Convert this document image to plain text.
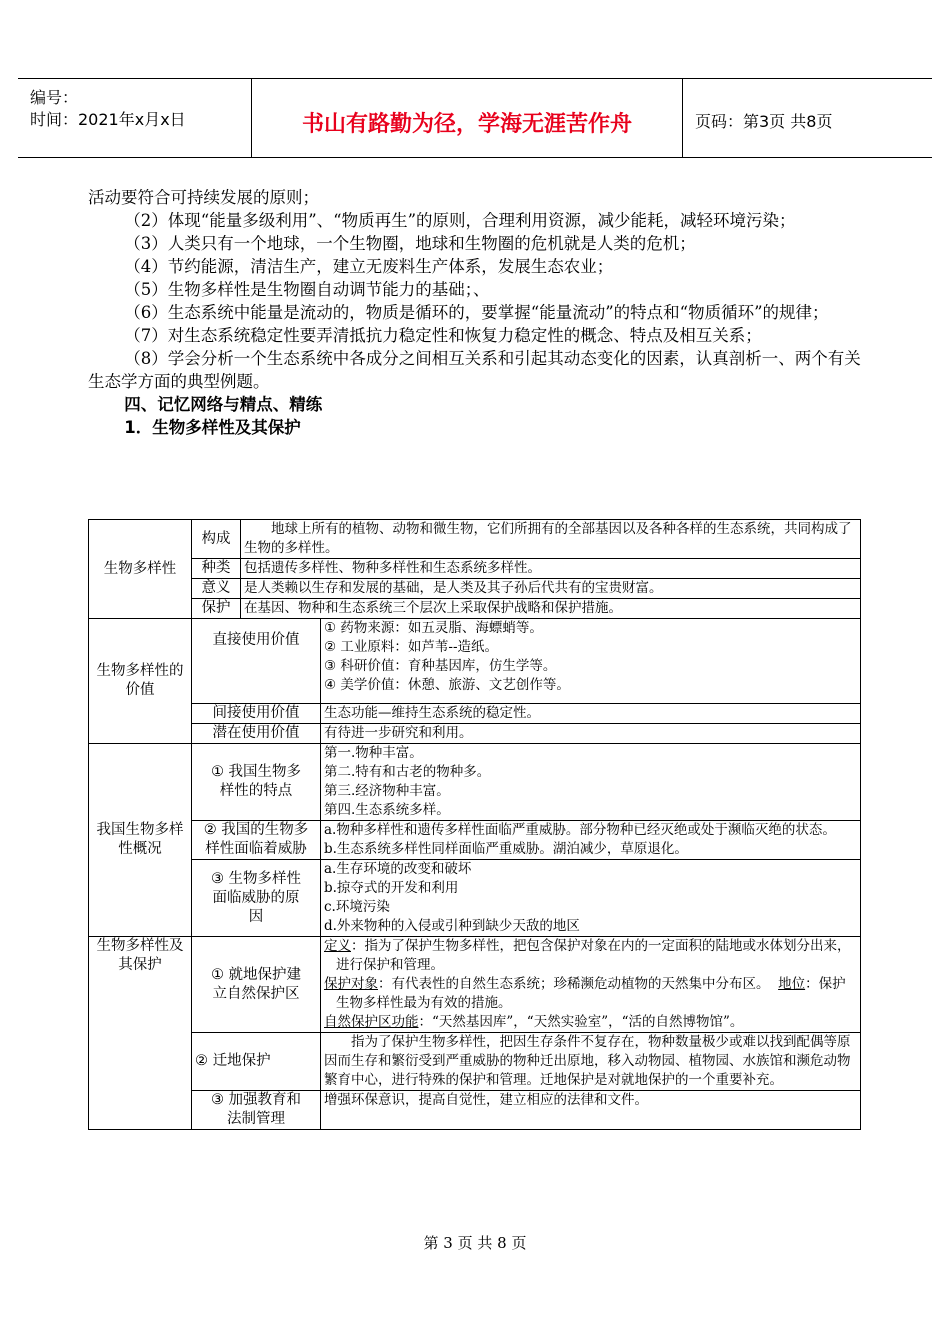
编号：
时间：2021年x月x日	书山有路勤为径，学海无涯苦作舟	页码：第3页 共8页

活动要符合可持续发展的原则；

（2）体现“能量多级利用”、“物质再生”的原则，合理利用资源，减少能耗，减轻环境污染；

（3）人类只有一个地球，一个生物圈，地球和生物圈的危机就是人类的危机；

（4）节约能源，清洁生产，建立无废料生产体系，发展生态农业；

（5）生物多样性是生物圈自动调节能力的基础；、

（6）生态系统中能量是流动的，物质是循环的，要掌握“能量流动”的特点和“物质循环”的规律；

（7）对生态系统稳定性要弄清抵抗力稳定性和恢复力稳定性的概念、特点及相互关系；

（8）学会分析一个生态系统中各成分之间相互关系和引起其动态变化的因素，认真剖析一、两个有关生态学方面的典型例题。

四、记忆网络与精点、精练

1．生物多样性及其保护

生物多样性	构成	地球上所有的植物、动物和微生物，它们所拥有的全部基因以及各种各样的生态系统，共同构成了生物的多样性。	
	种类	包括遗传多样性、物种多样性和生态系统多样性。	
	意义	是人类赖以生存和发展的基础，是人类及其子孙后代共有的宝贵财富。	
	保护	在基因、物种和生态系统三个层次上采取保护战略和保护措施。	
生物多样性的价值	直接使用价值		① 药物来源：如五灵脂、海螵蛸等。
② 工业原料：如芦苇--造纸。
③ 科研价值：育种基因库，仿生学等。
④ 美学价值：休憩、旅游、文艺创作等。

	间接使用价值		生态功能—维持生态系统的稳定性。
	潜在使用价值		有待进一步研究和利用。
我国生物多样性概况	① 我国生物多样性的特点		第一.物种丰富。
第二.特有和古老的物种多。
第三.经济物种丰富。
第四.生态系统多样。

	② 我国的生物多样性面临着威胁		a.物种多样性和遗传多样性面临严重威胁。部分物种已经灭绝或处于濒临灭绝的状态。
b.生态系统多样性同样面临严重威胁。湖泊减少，草原退化。

	③ 生物多样性面临威胁的原因		a.生存环境的改变和破坏
b.掠夺式的开发和利用
c.环境污染
d.外来物种的入侵或引种到缺少天敌的地区

生物多样性及其保护	① 就地保护建立自然保护区		定义：指为了保护生物多样性，把包含保护对象在内的一定面积的陆地或水体划分出来，进行保护和管理。
保护对象：有代表性的自然生态系统；珍稀濒危动植物的天然集中分布区。 地位：保护生物多样性最为有效的措施。
自然保护区功能：“天然基因库”，“天然实验室”，“活的自然博物馆”。

	② 迁地保护		指为了保护生物多样性，把因生存条件不复存在，物种数量极少或难以找到配偶等原因而生存和繁衍受到严重威胁的物种迁出原地，移入动物园、植物园、水族馆和濒危动物繁育中心，进行特殊的保护和管理。迁地保护是对就地保护的一个重要补充。
	③ 加强教育和法制管理		增强环保意识，提高自觉性，建立相应的法律和文件。
第 3 页 共 8 页
